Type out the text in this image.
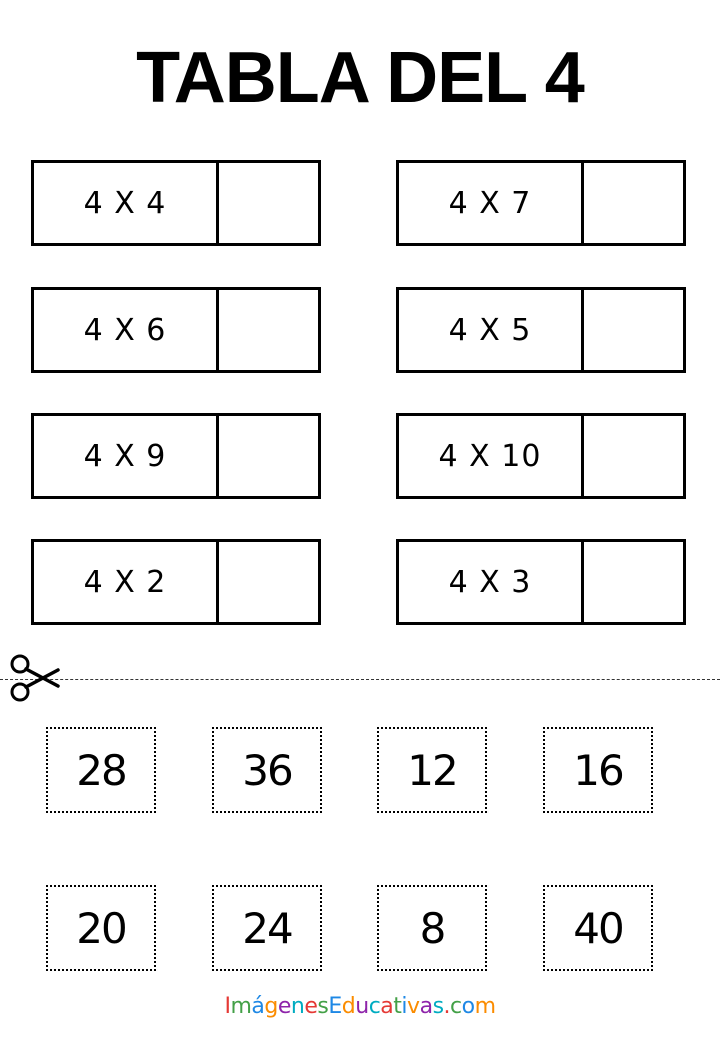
TABLA DEL 4
4 X 4	4 X 7
4 X 6	4 X 5
4 X 9	4 X 10
4 X 2	4 X 3
28	36	12	16
20	24	8	40
ImágenesEducativas.com
